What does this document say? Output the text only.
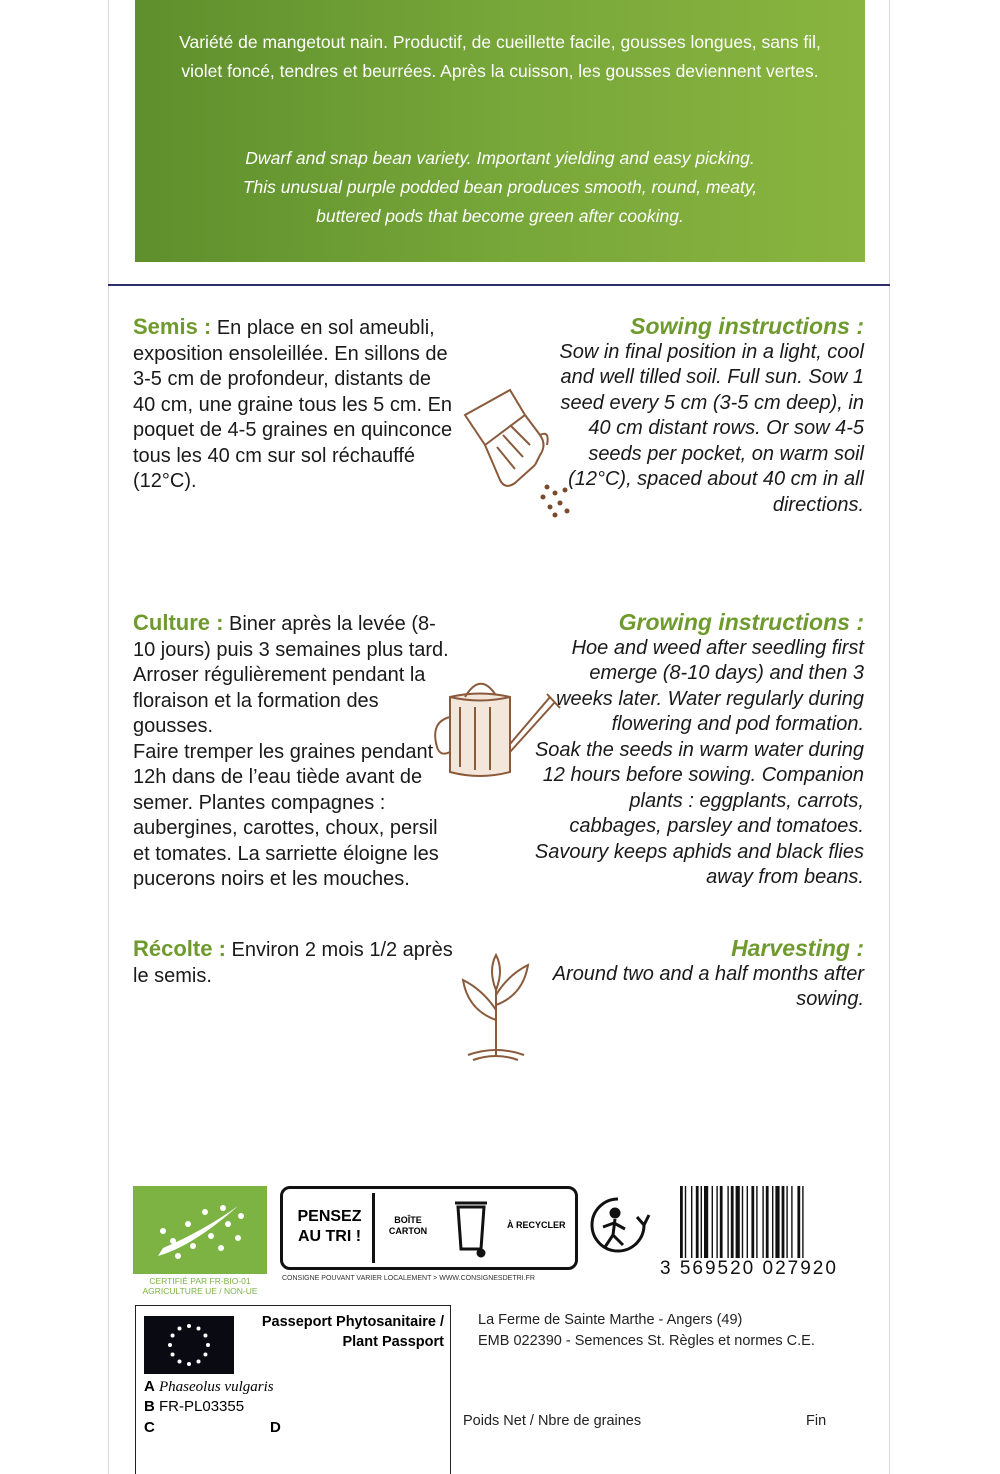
Variété de mangetout nain. Productif, de cueillette facile, gousses longues, sans fil,
violet foncé, tendres et beurrées. Après la cuisson, les gousses deviennent vertes.
Dwarf and snap bean variety. Important yielding and easy picking.
This unusual purple podded bean produces smooth, round, meaty,
buttered pods that become green after cooking.
Semis : En place en sol ameubli, exposition ensoleillée. En sillons de 3-5 cm de profondeur, distants de 40 cm, une graine tous les 5 cm. En poquet de 4-5 graines en quinconce tous les 40 cm sur sol réchauffé (12°C).
Sowing instructions :
Sow in final position in a light, cool and well tilled soil. Full sun. Sow 1 seed every 5 cm (3-5 cm deep), in 40 cm distant rows. Or sow 4-5 seeds per pocket, on warm soil (12°C), spaced about 40 cm in all directions.
Culture : Biner après la levée (8-10 jours) puis 3 semaines plus tard. Arroser régulièrement pendant la floraison et la formation des gousses.
Faire tremper les graines pendant 12h dans de l’eau tiède avant de semer. Plantes compagnes : aubergines, carottes, choux, persil et tomates. La sarriette éloigne les pucerons noirs et les mouches.
Growing instructions :
Hoe and weed after seedling first emerge (8-10 days) and then 3 weeks later. Water regularly during flowering and pod formation.
Soak the seeds in warm water during 12 hours before sowing. Companion plants : eggplants, carrots, cabbages, parsley and tomatoes. Savoury keeps aphids and black flies away from beans.
Récolte : Environ 2 mois 1/2 après le semis.
Harvesting :
Around two and a half months after sowing.
CERTIFIÉ PAR FR-BIO-01
AGRICULTURE UE / NON-UE
PENSEZ
AU TRI !
BOÎTE
CARTON
À RECYCLER
CONSIGNE POUVANT VARIER LOCALEMENT > WWW.CONSIGNESDETRI.FR	3 569520 027920
Passeport Phytosanitaire /
Plant Passport
A Phaseolus vulgaris
B FR-PL03355
C	D
La Ferme de Sainte Marthe - Angers (49)
EMB 022390 - Semences St. Règles et normes C.E.
Poids Net / Nbre de graines	Fin
